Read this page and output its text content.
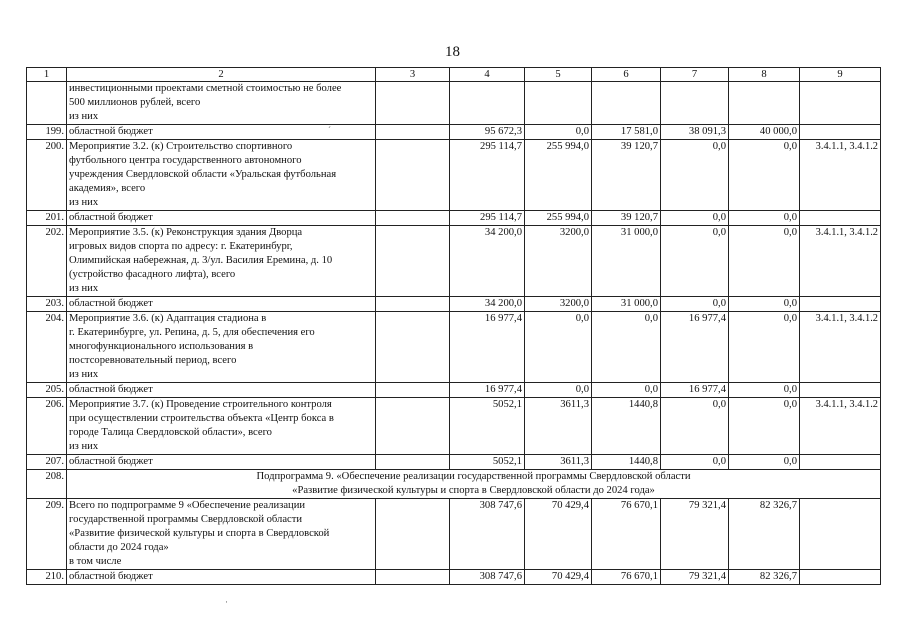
18
1	2	3	4	5	6	7	8	9

	инвестиционными проектами сметной стоимостью не более
500 миллионов рублей, всего
из них							

199.	областной бюджет		95 672,3	0,0	17 581,0	38 091,3	40 000,0	
200.	Мероприятие 3.2. (к) Строительство спортивного
футбольного центра государственного автономного
учреждения Свердловской области «Уральская футбольная
академия», всего
из них		295 114,7	255 994,0	39 120,7	0,0	0,0	3.4.1.1, 3.4.1.2
201.	областной бюджет		295 114,7	255 994,0	39 120,7	0,0	0,0	
202.	Мероприятие 3.5. (к) Реконструкция здания Дворца
игровых видов спорта по адресу: г. Екатеринбург,
Олимпийская набережная, д. 3/ул. Василия Еремина, д. 10
(устройство фасадного лифта), всего
из них		34 200,0	3200,0	31 000,0	0,0	0,0	3.4.1.1, 3.4.1.2
203.	областной бюджет		34 200,0	3200,0	31 000,0	0,0	0,0	
204.	Мероприятие 3.6. (к) Адаптация стадиона в
г. Екатеринбурге, ул. Репина, д. 5, для обеспечения его
многофункционального использования в
постсоревновательный период, всего
из них		16 977,4	0,0	0,0	16 977,4	0,0	3.4.1.1, 3.4.1.2
205.	областной бюджет		16 977,4	0,0	0,0	16 977,4	0,0	
206.	Мероприятие 3.7. (к) Проведение строительного контроля
при осуществлении строительства объекта «Центр бокса в
городе Талица Свердловской области», всего
из них		5052,1	3611,3	1440,8	0,0	0,0	3.4.1.1, 3.4.1.2
207.	областной бюджет		5052,1	3611,3	1440,8	0,0	0,0	
208.	Подпрограмма 9. «Обеспечение реализации государственной программы Свердловской области
«Развитие физической культуры и спорта в Свердловской области до 2024 года»							

209.	Всего по подпрограмме 9 «Обеспечение реализации
государственной программы Свердловской области
«Развитие физической культуры и спорта в Свердловской
области до 2024 года»
в том числе		308 747,6	70 429,4	76 670,1	79 321,4	82 326,7	
210.	областной бюджет		308 747,6	70 429,4	76 670,1	79 321,4	82 326,7	
´
·
